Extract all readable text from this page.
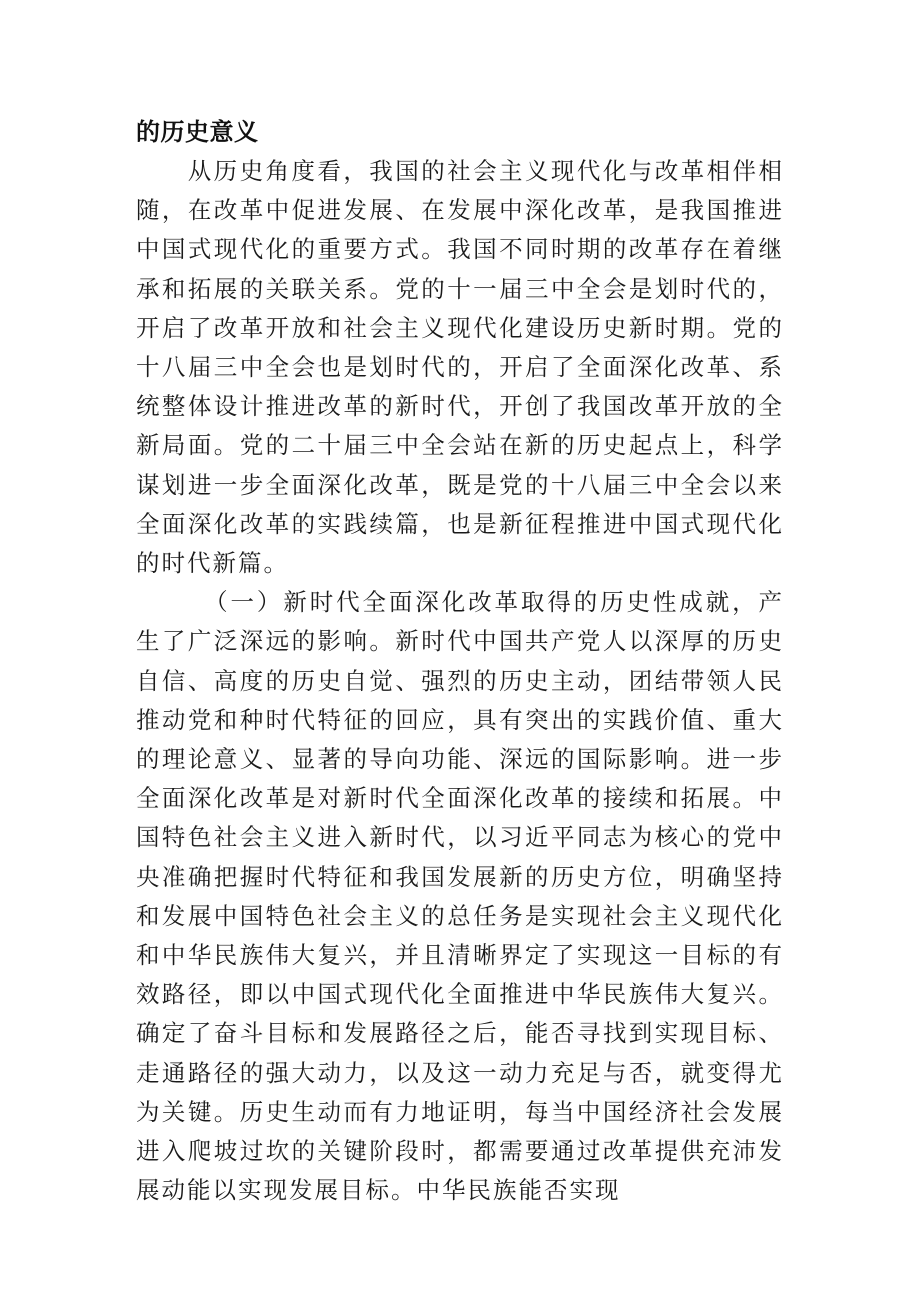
的历史意义

从历史角度看，我国的社会主义现代化与改革相伴相随，在改革中促进发展、在发展中深化改革，是我国推进中国式现代化的重要方式。我国不同时期的改革存在着继承和拓展的关联关系。党的十一届三中全会是划时代的，开启了改革开放和社会主义现代化建设历史新时期。党的十八届三中全会也是划时代的，开启了全面深化改革、系统整体设计推进改革的新时代，开创了我国改革开放的全新局面。党的二十届三中全会站在新的历史起点上，科学谋划进一步全面深化改革，既是党的十八届三中全会以来全面深化改革的实践续篇，也是新征程推进中国式现代化的时代新篇。

（一）新时代全面深化改革取得的历史性成就，产生了广泛深远的影响。新时代中国共产党人以深厚的历史自信、高度的历史自觉、强烈的历史主动，团结带领人民推动党和种时代特征的回应，具有突出的实践价值、重大的理论意义、显著的导向功能、深远的国际影响。进一步全面深化改革是对新时代全面深化改革的接续和拓展。中国特色社会主义进入新时代，以习近平同志为核心的党中央准确把握时代特征和我国发展新的历史方位，明确坚持和发展中国特色社会主义的总任务是实现社会主义现代化和中华民族伟大复兴，并且清晰界定了实现这一目标的有效路径，即以中国式现代化全面推进中华民族伟大复兴。确定了奋斗目标和发展路径之后，能否寻找到实现目标、走通路径的强大动力，以及这一动力充足与否，就变得尤为关键。历史生动而有力地证明，每当中国经济社会发展进入爬坡过坎的关键阶段时，都需要通过改革提供充沛发展动能以实现发展目标。中华民族能否实现
